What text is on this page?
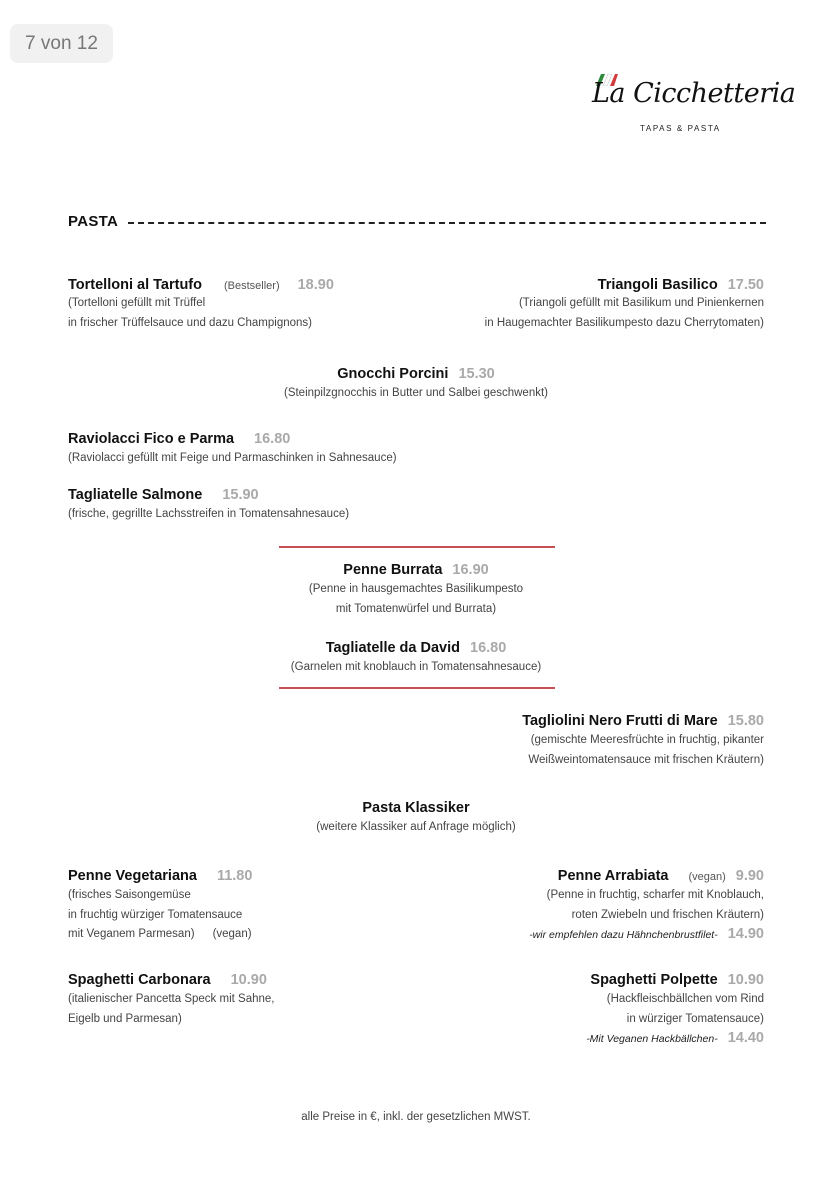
7 von 12
La Cicchetteria
TAPAS & PASTA
PASTA
Tortelloni al Tartufo (Bestseller) 18.90
(Tortelloni gefüllt mit Trüffel
in frischer Trüffelsauce und dazu Champignons)
Triangoli Basilico 17.50
(Triangoli gefüllt mit Basilikum und Pinienkernen
in Haugemachter Basilikumpesto dazu Cherrytomaten)
Gnocchi Porcini 15.30
(Steinpilzgnocchis in Butter und Salbei geschwenkt)
Raviolacci Fico e Parma 16.80
(Raviolacci gefüllt mit Feige und Parmaschinken in Sahnesauce)
Tagliatelle Salmone 15.90
(frische, gegrillte Lachsstreifen in Tomatensahnesauce)
Penne Burrata 16.90
(Penne in hausgemachtes Basilikumpesto
mit Tomatenwürfel und Burrata)
Tagliatelle da David 16.80
(Garnelen mit knoblauch in Tomatensahnesauce)
Tagliolini Nero Frutti di Mare 15.80
(gemischte Meeresfrüchte in fruchtig, pikanter
Weißweintomatensauce mit frischen Kräutern)
Pasta Klassiker
(weitere Klassiker auf Anfrage möglich)
Penne Vegetariana 11.80
(frisches Saisongemüse
in fruchtig würziger Tomatensauce
mit Veganem Parmesan) (vegan)
Penne Arrabiata (vegan) 9.90
(Penne in fruchtig, scharfer mit Knoblauch,
roten Zwiebeln und frischen Kräutern)
-wir empfehlen dazu Hähnchenbrustfilet- 14.90
Spaghetti Carbonara 10.90
(italienischer Pancetta Speck mit Sahne,
Eigelb und Parmesan)
Spaghetti Polpette 10.90
(Hackfleischbällchen vom Rind
in würziger Tomatensauce)
-Mit Veganen Hackbällchen- 14.40
alle Preise in €, inkl. der gesetzlichen MWST.
